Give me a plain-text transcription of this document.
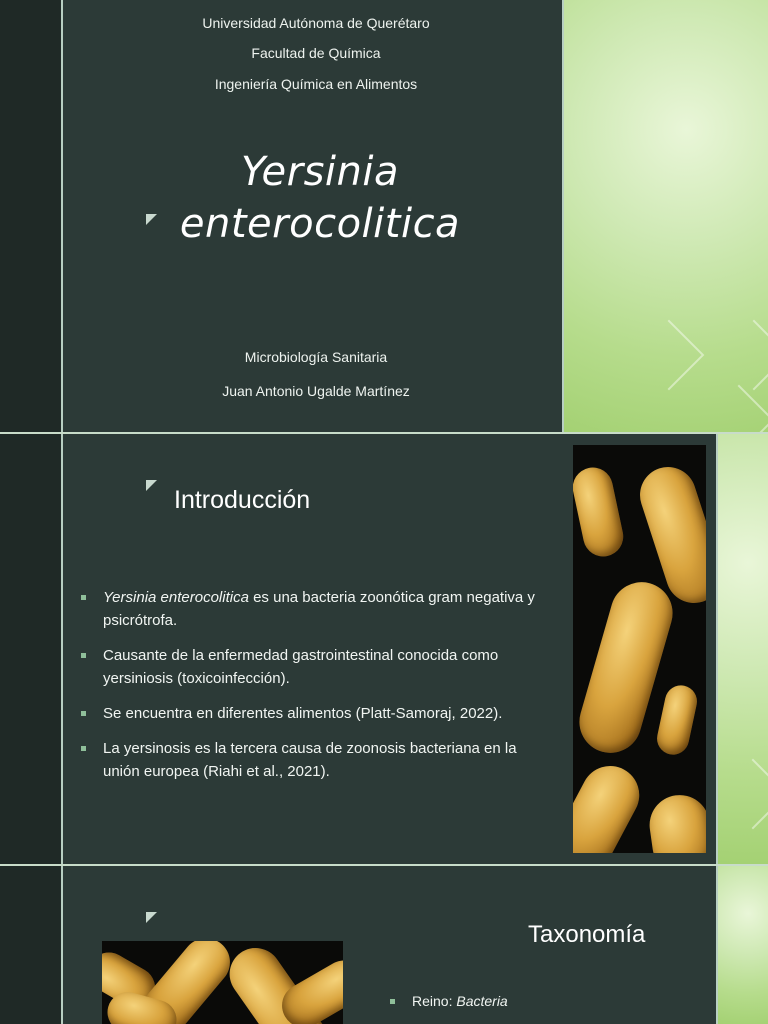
Universidad Autónoma de Querétaro
Facultad de Química
Ingeniería Química en Alimentos
Yersinia
enterocolitica
Microbiología Sanitaria
Juan Antonio Ugalde Martínez
Introducción
Yersinia enterocolitica es una bacteria zoonótica gram negativa y psicrótrofa.
Causante de la enfermedad gastrointestinal conocida como yersiniosis (toxicoinfección).
Se encuentra en diferentes alimentos (Platt-Samoraj, 2022).
La yersinosis es la tercera causa de zoonosis bacteriana en la unión europea (Riahi et al., 2021).
Taxonomía
Reino: Bacteria
